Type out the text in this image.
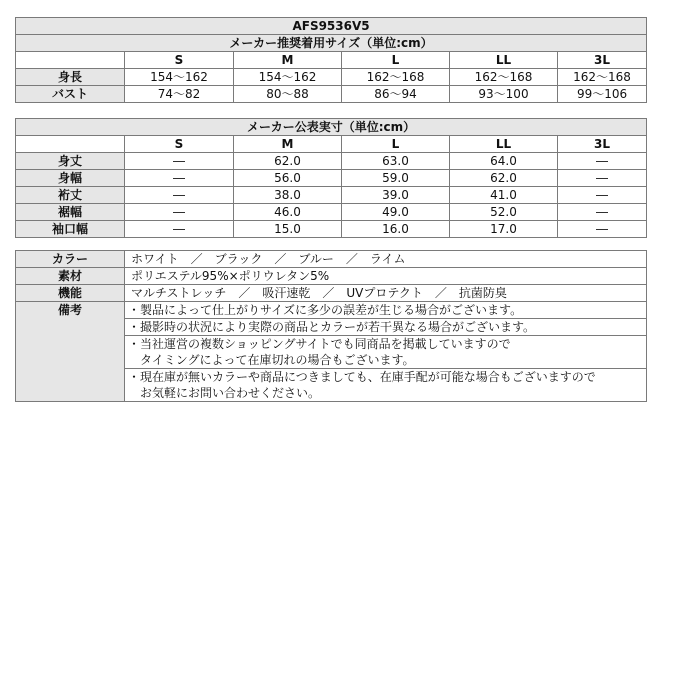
AFS9536V5					
メーカー推奨着用サイズ（単位:cm）					
	S	M	L	LL	3L
身長	154～162	154～162	162～168	162～168	162～168
バスト	74～82	80～88	86～94	93～100	99～106
メーカー公表実寸（単位:cm）					
	S	M	L	LL	3L
身丈	―	62.0	63.0	64.0	―
身幅	―	56.0	59.0	62.0	―
裄丈	―	38.0	39.0	41.0	―
裾幅	―	46.0	49.0	52.0	―
袖口幅	―	15.0	16.0	17.0	―
カラー	ホワイト　／　ブラック　／　ブルー　／　ライム
素材	ポリエステル95%×ポリウレタン5%
機能	マルチストレッチ　／　吸汗速乾　／　UVプロテクト　／　抗菌防臭
備考	・製品によって仕上がりサイズに多少の誤差が生じる場合がございます。

	・撮影時の状況により実際の商品とカラーが若干異なる場合がございます。

	・当社運営の複数ショッピングサイトでも同商品を掲載していますので
　タイミングによって在庫切れの場合もございます。

	・現在庫が無いカラーや商品につきましても、在庫手配が可能な場合もございますので
　お気軽にお問い合わせください。
